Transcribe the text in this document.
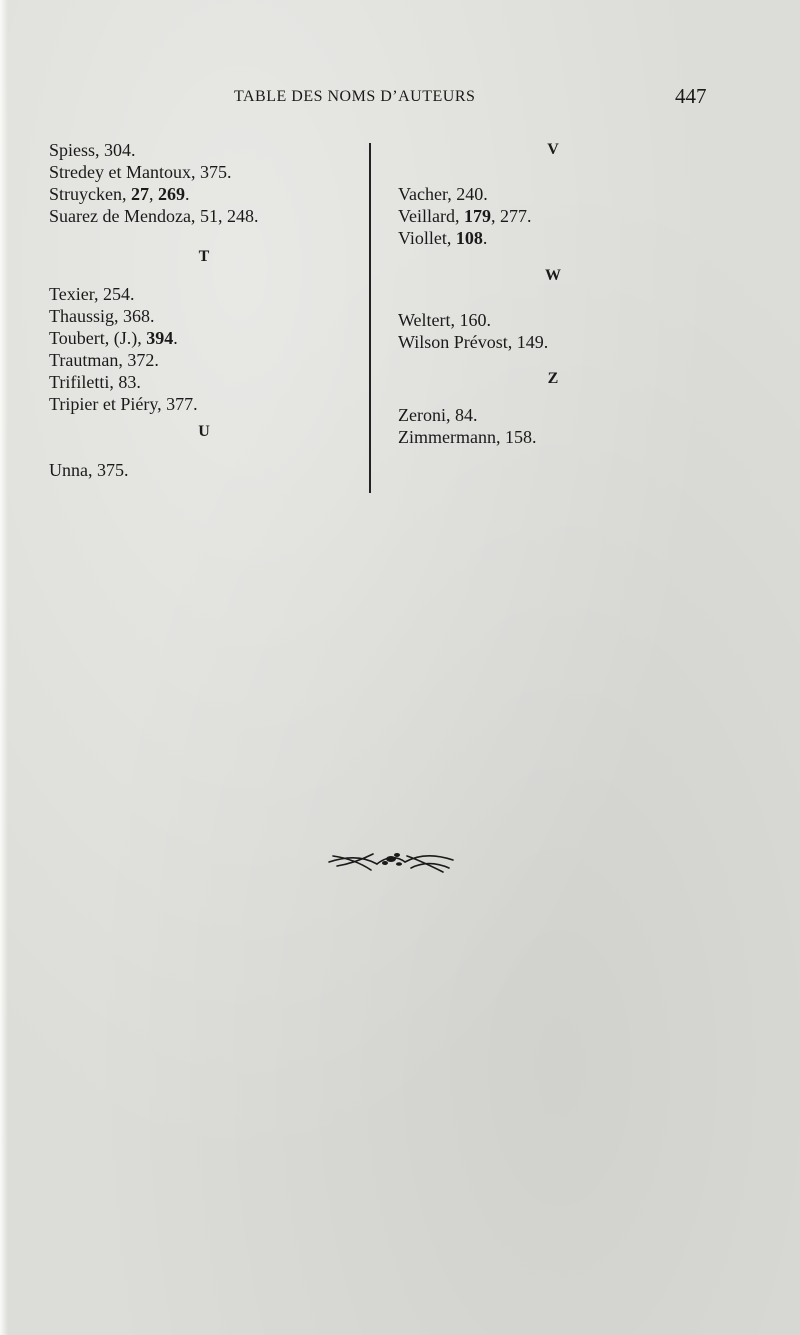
TABLE DES NOMS D’AUTEURS	447
Spiess, 304.
Stredey et Mantoux, 375.
Struycken, 27, 269.
Suarez de Mendoza, 51, 248.
T
Texier, 254.
Thaussig, 368.
Toubert, (J.), 394.
Trautman, 372.
Trifiletti, 83.
Tripier et Piéry, 377.
U
Unna, 375.
V
Vacher, 240.
Veillard, 179, 277.
Viollet, 108.
W
Weltert, 160.
Wilson Prévost, 149.
Z
Zeroni, 84.
Zimmermann, 158.
